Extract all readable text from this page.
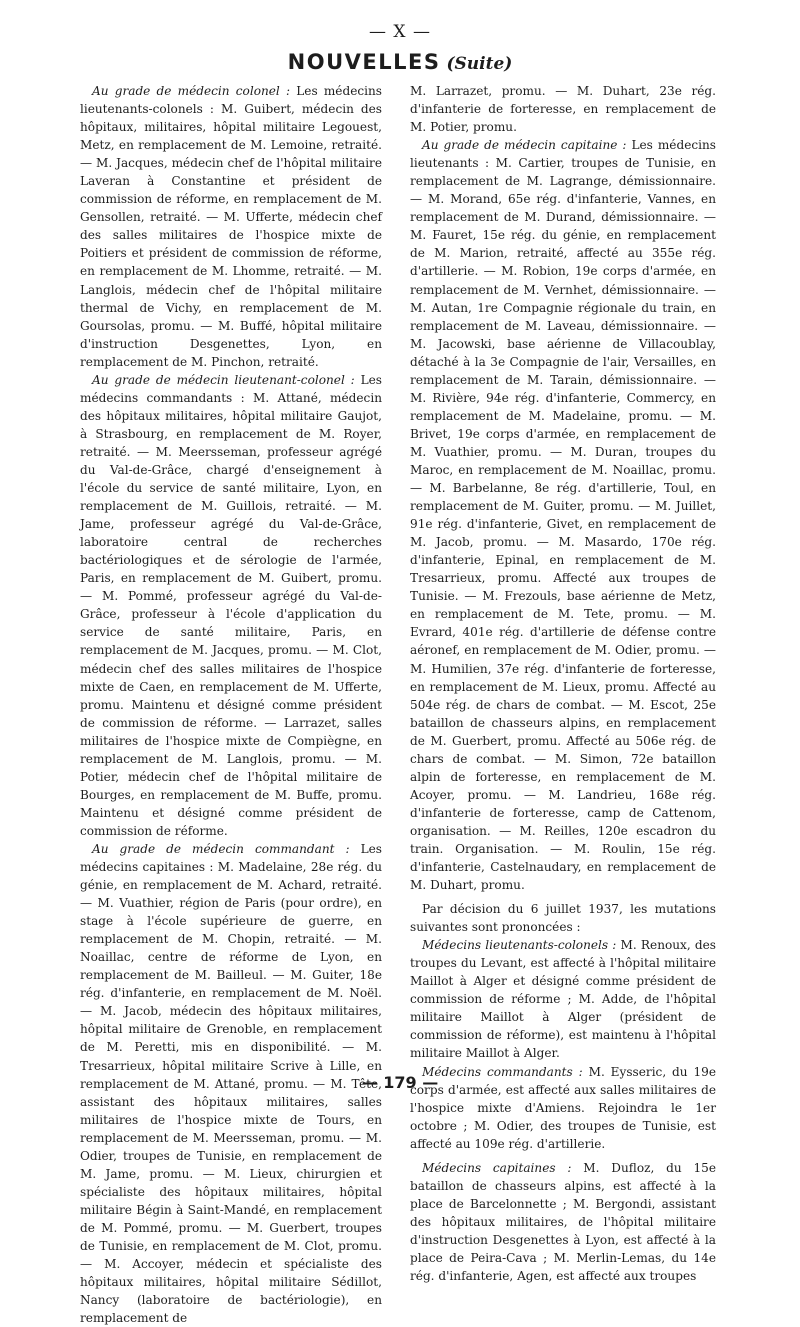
— X —
NOUVELLES (Suite)

Au grade de médecin colonel : Les médecins lieutenants-colonels : M. Guibert, médecin des hôpitaux, militaires, hôpital militaire Legouest, Metz, en remplacement de M. Lemoine, retraité. — M. Jacques, médecin chef de l'hôpital militaire Laveran à Constantine et président de commission de réforme, en remplacement de M. Gensollen, retraité. — M. Ufferte, médecin chef des salles militaires de l'hospice mixte de Poitiers et président de commission de réforme, en remplacement de M. Lhomme, retraité. — M. Langlois, médecin chef de l'hôpital militaire thermal de Vichy, en remplacement de M. Goursolas, promu. — M. Buffé, hôpital militaire d'instruction Desgenettes, Lyon, en remplacement de M. Pinchon, retraité.

Au grade de médecin lieutenant-colonel : Les médecins commandants : M. Attané, médecin des hôpitaux militaires, hôpital militaire Gaujot, à Strasbourg, en remplacement de M. Royer, retraité. — M. Meersseman, professeur agrégé du Val-de-Grâce, chargé d'enseignement à l'école du service de santé militaire, Lyon, en remplacement de M. Guillois, retraité. — M. Jame, professeur agrégé du Val-de-Grâce, laboratoire central de recherches bactériologiques et de sérologie de l'armée, Paris, en remplacement de M. Guibert, promu. — M. Pommé, professeur agrégé du Val-de-Grâce, professeur à l'école d'application du service de santé militaire, Paris, en remplacement de M. Jacques, promu. — M. Clot, médecin chef des salles militaires de l'hospice mixte de Caen, en remplacement de M. Ufferte, promu. Maintenu et désigné comme président de commission de réforme. — Larrazet, salles militaires de l'hospice mixte de Compiègne, en remplacement de M. Langlois, promu. — M. Potier, médecin chef de l'hôpital militaire de Bourges, en remplacement de M. Buffe, promu. Maintenu et désigné comme président de commission de réforme.

Au grade de médecin commandant : Les médecins capitaines : M. Madelaine, 28e rég. du génie, en remplacement de M. Achard, retraité. — M. Vuathier, région de Paris (pour ordre), en stage à l'école supérieure de guerre, en remplacement de M. Chopin, retraité. — M. Noaillac, centre de réforme de Lyon, en remplacement de M. Bailleul. — M. Guiter, 18e rég. d'infanterie, en remplacement de M. Noël. — M. Jacob, médecin des hôpitaux militaires, hôpital militaire de Grenoble, en remplacement de M. Peretti, mis en disponibilité. — M. Tresarrieux, hôpital militaire Scrive à Lille, en remplacement de M. Attané, promu. — M. Tête, assistant des hôpitaux militaires, salles militaires de l'hospice mixte de Tours, en remplacement de M. Meersseman, promu. — M. Odier, troupes de Tunisie, en remplacement de M. Jame, promu. — M. Lieux, chirurgien et spécialiste des hôpitaux militaires, hôpital militaire Bégin à Saint-Mandé, en remplacement de M. Pommé, promu. — M. Guerbert, troupes de Tunisie, en remplacement de M. Clot, promu. — M. Accoyer, médecin et spécialiste des hôpitaux militaires, hôpital militaire Sédillot, Nancy (laboratoire de bactériologie), en remplacement de

M. Larrazet, promu. — M. Duhart, 23e rég. d'infanterie de forteresse, en remplacement de M. Potier, promu.

Au grade de médecin capitaine : Les médecins lieutenants : M. Cartier, troupes de Tunisie, en remplacement de M. Lagrange, démissionnaire. — M. Morand, 65e rég. d'infanterie, Vannes, en remplacement de M. Durand, démissionnaire. — M. Fauret, 15e rég. du génie, en remplacement de M. Marion, retraité, affecté au 355e rég. d'artillerie. — M. Robion, 19e corps d'armée, en remplacement de M. Vernhet, démissionnaire. — M. Autan, 1re Compagnie régionale du train, en remplacement de M. Laveau, démissionnaire. — M. Jacowski, base aérienne de Villacoublay, détaché à la 3e Compagnie de l'air, Versailles, en remplacement de M. Tarain, démissionnaire. — M. Rivière, 94e rég. d'infanterie, Commercy, en remplacement de M. Madelaine, promu. — M. Brivet, 19e corps d'armée, en remplacement de M. Vuathier, promu. — M. Duran, troupes du Maroc, en remplacement de M. Noaillac, promu. — M. Barbelanne, 8e rég. d'artillerie, Toul, en remplacement de M. Guiter, promu. — M. Juillet, 91e rég. d'infanterie, Givet, en remplacement de M. Jacob, promu. — M. Masardo, 170e rég. d'infanterie, Epinal, en remplacement de M. Tresarrieux, promu. Affecté aux troupes de Tunisie. — M. Frezouls, base aérienne de Metz, en remplacement de M. Tete, promu. — M. Evrard, 401e rég. d'artillerie de défense contre aéronef, en remplacement de M. Odier, promu. — M. Humilien, 37e rég. d'infanterie de forteresse, en remplacement de M. Lieux, promu. Affecté au 504e rég. de chars de combat. — M. Escot, 25e bataillon de chasseurs alpins, en remplacement de M. Guerbert, promu. Affecté au 506e rég. de chars de combat. — M. Simon, 72e bataillon alpin de forteresse, en remplacement de M. Acoyer, promu. — M. Landrieu, 168e rég. d'infanterie de forteresse, camp de Cattenom, organisation. — M. Reilles, 120e escadron du train. Organisation. — M. Roulin, 15e rég. d'infanterie, Castelnaudary, en remplacement de M. Duhart, promu.

Par décision du 6 juillet 1937, les mutations suivantes sont prononcées :

Médecins lieutenants-colonels : M. Renoux, des troupes du Levant, est affecté à l'hôpital militaire Maillot à Alger et désigné comme président de commission de réforme ; M. Adde, de l'hôpital militaire Maillot à Alger (président de commission de réforme), est maintenu à l'hôpital militaire Maillot à Alger.

Médecins commandants : M. Eysseric, du 19e corps d'armée, est affecté aux salles militaires de l'hospice mixte d'Amiens. Rejoindra le 1er octobre ; M. Odier, des troupes de Tunisie, est affecté au 109e rég. d'artillerie.

Médecins capitaines : M. Dufloz, du 15e bataillon de chasseurs alpins, est affecté à la place de Barcelonnette ; M. Bergondi, assistant des hôpitaux militaires, de l'hôpital militaire d'instruction Desgenettes à Lyon, est affecté à la place de Peira-Cava ; M. Merlin-Lemas, du 14e rég. d'infanterie, Agen, est affecté aux troupes

— 179 —
